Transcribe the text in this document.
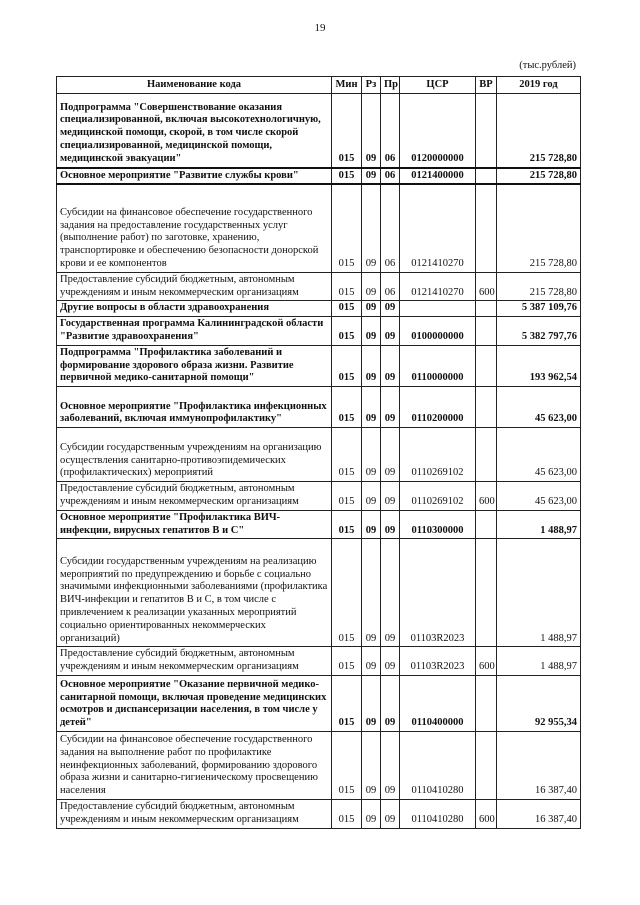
19
(тыс.рублей)
Наименование кода	Мин	Рз	Пр	ЦСР	ВР	2019 год
Подпрограмма "Совершенствование оказания специализированной, включая высокотехнологичную, медицинской помощи, скорой, в том числе скорой специализированной, медицинской помощи, медицинской эвакуации"	015	09	06	0120000000		215 728,80
Основное мероприятие "Развитие службы крови"	015	09	06	0121400000		215 728,80
Субсидии на финансовое обеспечение государственного задания на предоставление государственных услуг (выполнение работ) по заготовке, хранению, транспортировке и обеспечению безопасности донорской крови и ее компонентов	015	09	06	0121410270		215 728,80
Предоставление субсидий бюджетным, автономным учреждениям и иным некоммерческим организациям	015	09	06	0121410270	600	215 728,80
Другие вопросы в области здравоохранения	015	09	09			5 387 109,76
Государственная программа Калининградской области "Развитие здравоохранения"	015	09	09	0100000000		5 382 797,76
Подпрограмма "Профилактика заболеваний и формирование здорового образа жизни. Развитие первичной медико-санитарной помощи"	015	09	09	0110000000		193 962,54
Основное мероприятие "Профилактика инфекционных заболеваний, включая иммунопрофилактику"	015	09	09	0110200000		45 623,00
Субсидии государственным учреждениям на организацию осуществления санитарно-противоэпидемических (профилактических) мероприятий	015	09	09	0110269102		45 623,00
Предоставление субсидий бюджетным, автономным учреждениям и иным некоммерческим организациям	015	09	09	0110269102	600	45 623,00
Основное мероприятие "Профилактика ВИЧ-инфекции, вирусных гепатитов В и С"	015	09	09	0110300000		1 488,97
Субсидии государственным учреждениям на реализацию мероприятий по предупреждению и борьбе с социально значимыми инфекционными заболеваниями (профилактика ВИЧ-инфекции и гепатитов В и С, в том числе с привлечением к реализации указанных мероприятий социально ориентированных некоммерческих организаций)	015	09	09	01103R2023		1 488,97
Предоставление субсидий бюджетным, автономным учреждениям и иным некоммерческим организациям	015	09	09	01103R2023	600	1 488,97
Основное мероприятие "Оказание первичной медико-санитарной помощи, включая проведение медицинских осмотров и диспансеризации населения, в том числе у детей"	015	09	09	0110400000		92 955,34
Субсидии на финансовое обеспечение государственного задания на выполнение работ по профилактике неинфекционных заболеваний, формированию здорового образа жизни и санитарно-гигиеническому просвещению населения	015	09	09	0110410280		16 387,40
Предоставление субсидий бюджетным, автономным учреждениям и иным некоммерческим организациям	015	09	09	0110410280	600	16 387,40
